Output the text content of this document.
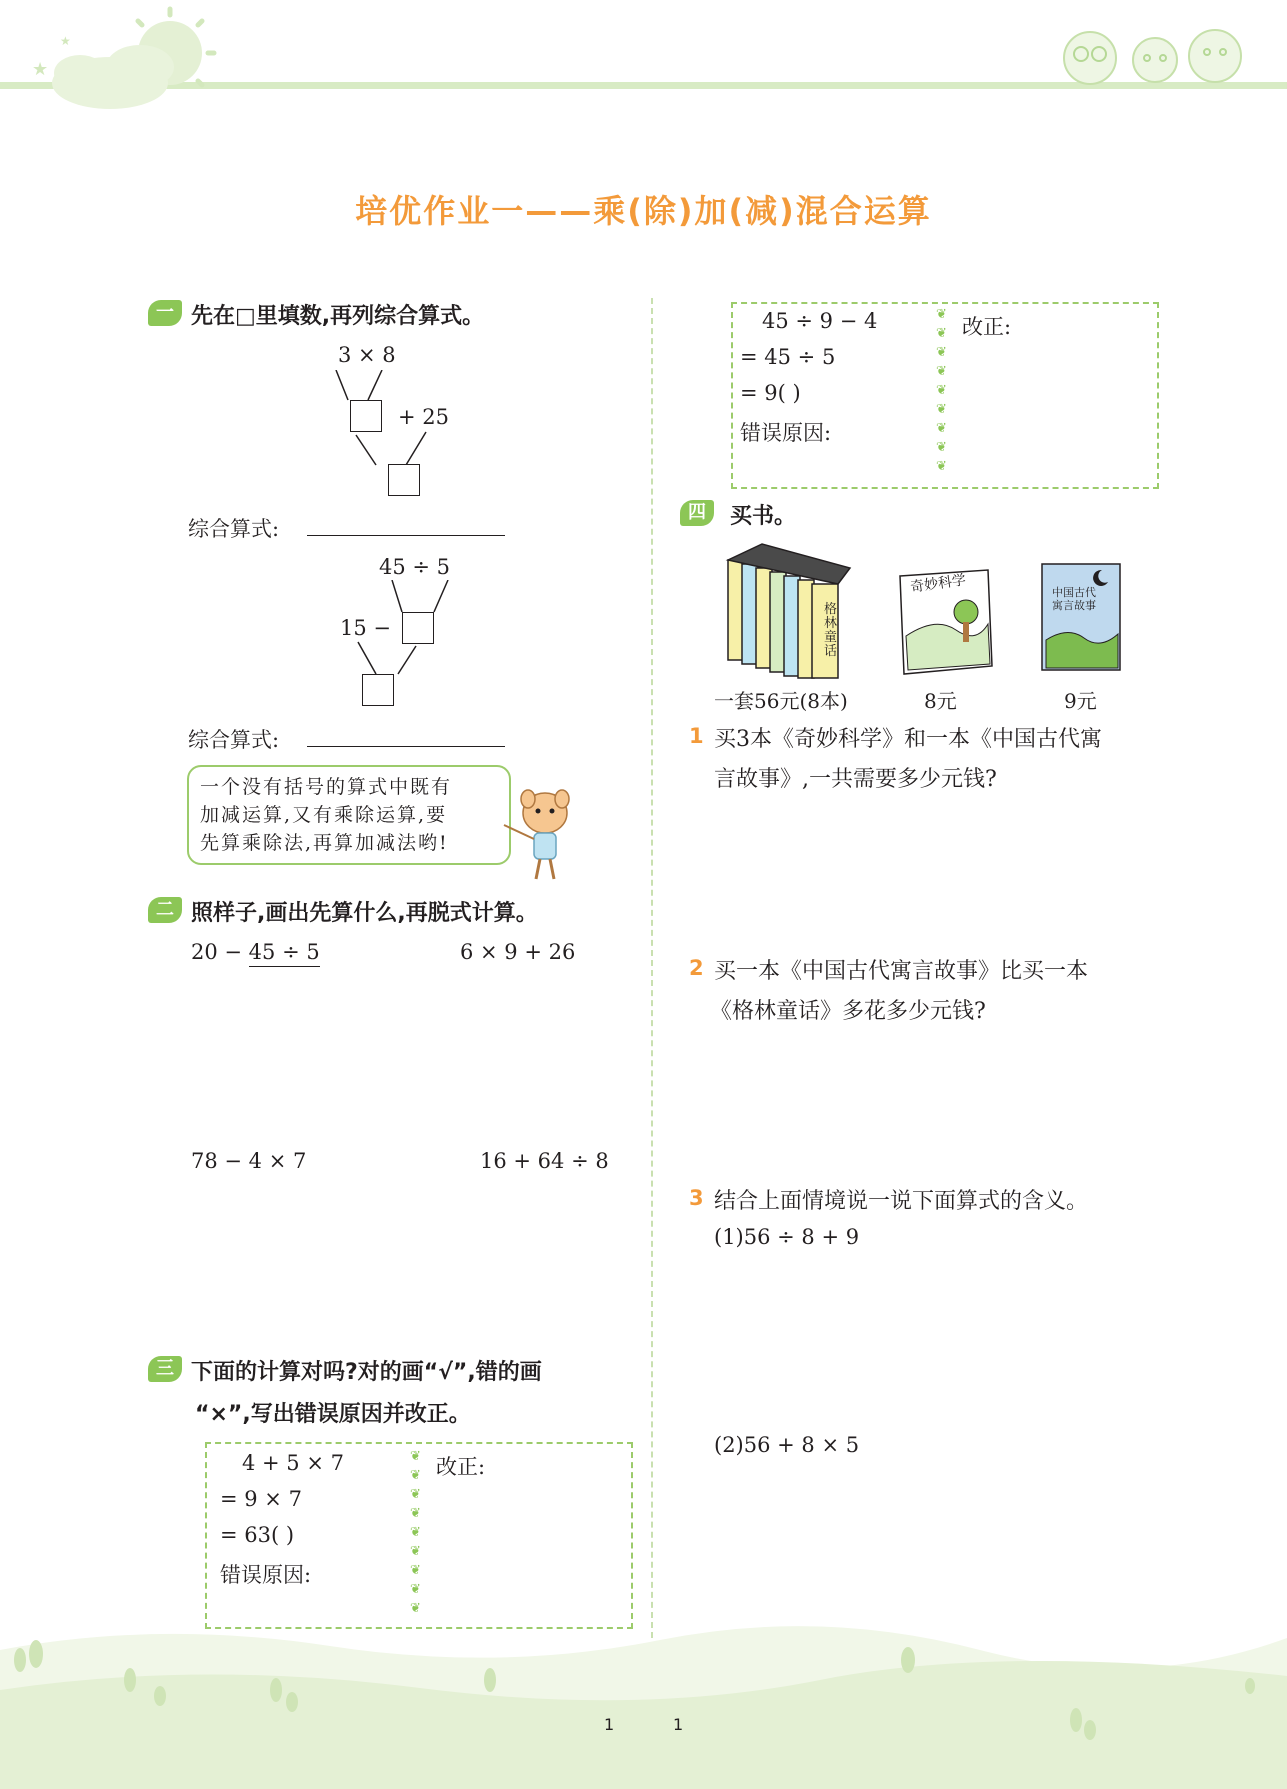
★
★
培优作业一——乘(除)加(减)混合运算
一 先在□里填数,再列综合算式。
3 × 8
+ 25
综合算式:
45 ÷ 5
15 −
综合算式:
一个没有括号的算式中既有
加减运算,又有乘除运算,要
先算乘除法,再算加减法哟!
二 照样子,画出先算什么,再脱式计算。
20 − 45 ÷ 5	6 × 9 + 26
78 − 4 × 7	16 + 64 ÷ 8
三 下面的计算对吗?对的画“√”,错的画
“×”,写出错误原因并改正。
4 + 5 × 7
= 9 × 7
= 63( )
错误原因:
❦
❦
❦
❦
❦
❦
❦
❦
❦
改正:
45 ÷ 9 − 4
= 45 ÷ 5
= 9( )
错误原因:
❦
❦
❦
❦
❦
❦
❦
❦
❦
改正:
四	买书。
格林童话
奇妙科学	中国古代寓言故事
一套56元(8本)	8元	9元
1 买3本《奇妙科学》和一本《中国古代寓
言故事》,一共需要多少元钱?
2 买一本《中国古代寓言故事》比买一本
《格林童话》多花多少元钱?
3 结合上面情境说一说下面算式的含义。
(1)56 ÷ 8 + 9
(2)56 + 8 × 5
1	1
